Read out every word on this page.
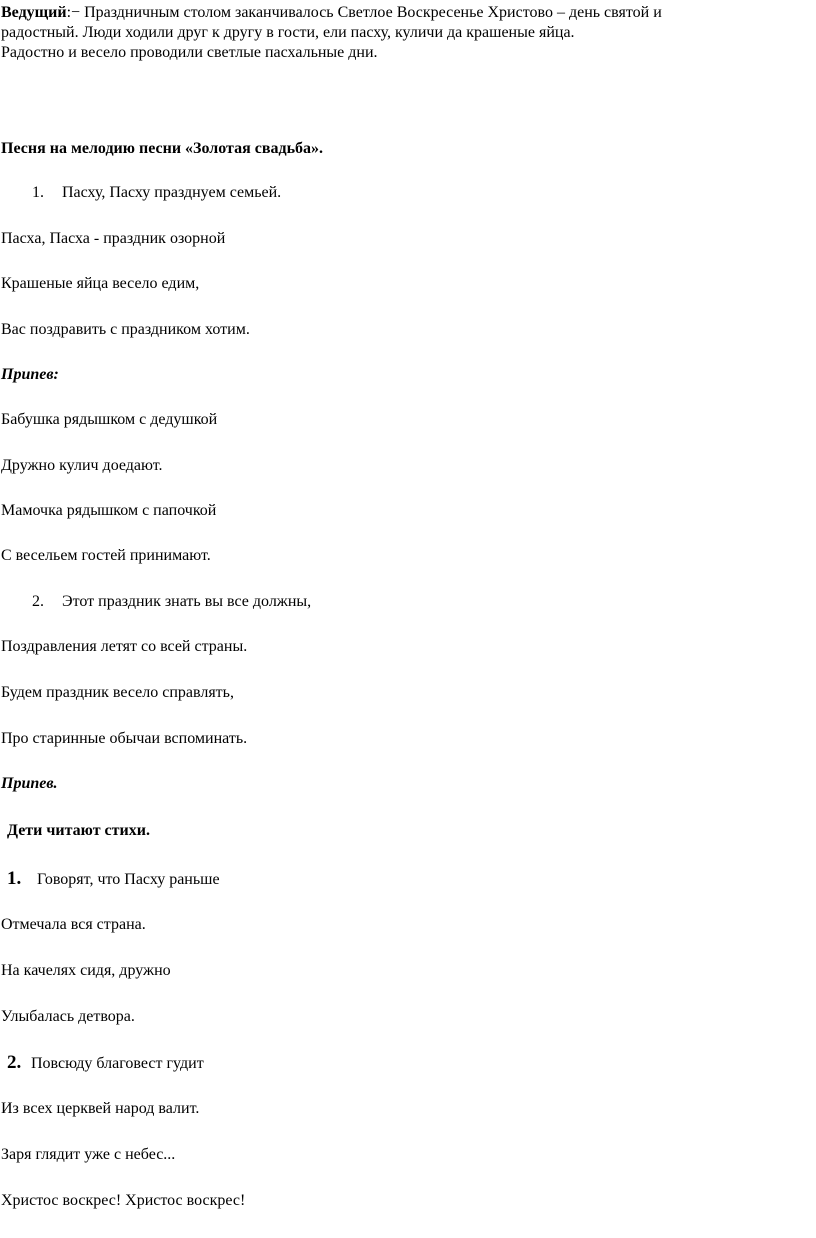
Ведущий:− Праздничным столом заканчивалось Светлое Воскресенье Христово – день святой и
радостный. Люди ходили друг к другу в гости, ели пасху, куличи да крашеные яйца.
Радостно и весело проводили светлые пасхальные дни.
Песня на мелодию песни «Золотая свадьба».
1. Пасху, Пасху празднуем семьей.
Пасха, Пасха - праздник озорной
Крашеные яйца весело едим,
Вас поздравить с праздником хотим.
Припев:
Бабушка рядышком с дедушкой
Дружно кулич доедают.
Мамочка рядышком с папочкой
С весельем гостей принимают.
2. Этот праздник знать вы все должны,
Поздравления летят со всей страны.
Будем праздник весело справлять,
Про старинные обычаи вспоминать.
Припев.
Дети читают стихи.
1. Говорят, что Пасху раньше
Отмечала вся страна.
На качелях сидя, дружно
Улыбалась детвора.
2. Повсюду благовест гудит
Из всех церквей народ валит.
Заря глядит уже с небес...
Христос воскрес! Христос воскрес!
